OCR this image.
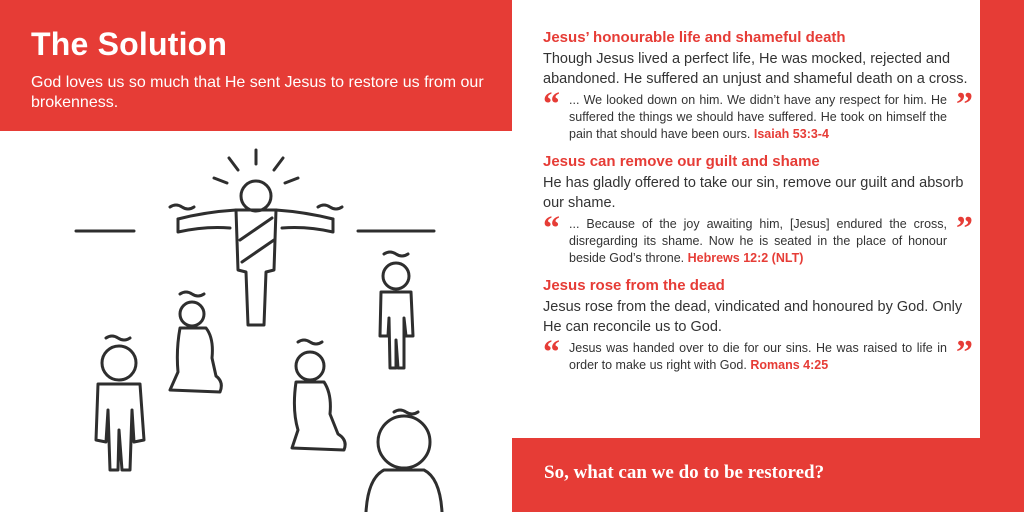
The Solution

God loves us so much that He sent Jesus to restore us from our brokenness.

Jesus’ honourable life and shameful death

Though Jesus lived a perfect life, He was mocked, rejected and abandoned. He suffered an unjust and shameful death on a cross.

“ ... We looked down on him. We didn’t have any respect for him. He suffered the things we should have suffered. He took on himself the pain that should have been ours. Isaiah 53:3-4
”
Jesus can remove our guilt and shame

He has gladly offered to take our sin, remove our guilt and absorb our shame.

“ ... Because of the joy awaiting him, [Jesus] endured the cross, disregarding its shame. Now he is seated in the place of honour beside God’s throne. Hebrews 12:2 (NLT)
”
Jesus rose from the dead

Jesus rose from the dead, vindicated and honoured by God. Only He can reconcile us to God.

“ Jesus was handed over to die for our sins. He was raised to life in order to make us right with God. Romans 4:25	”

So, what can we do to be restored?
